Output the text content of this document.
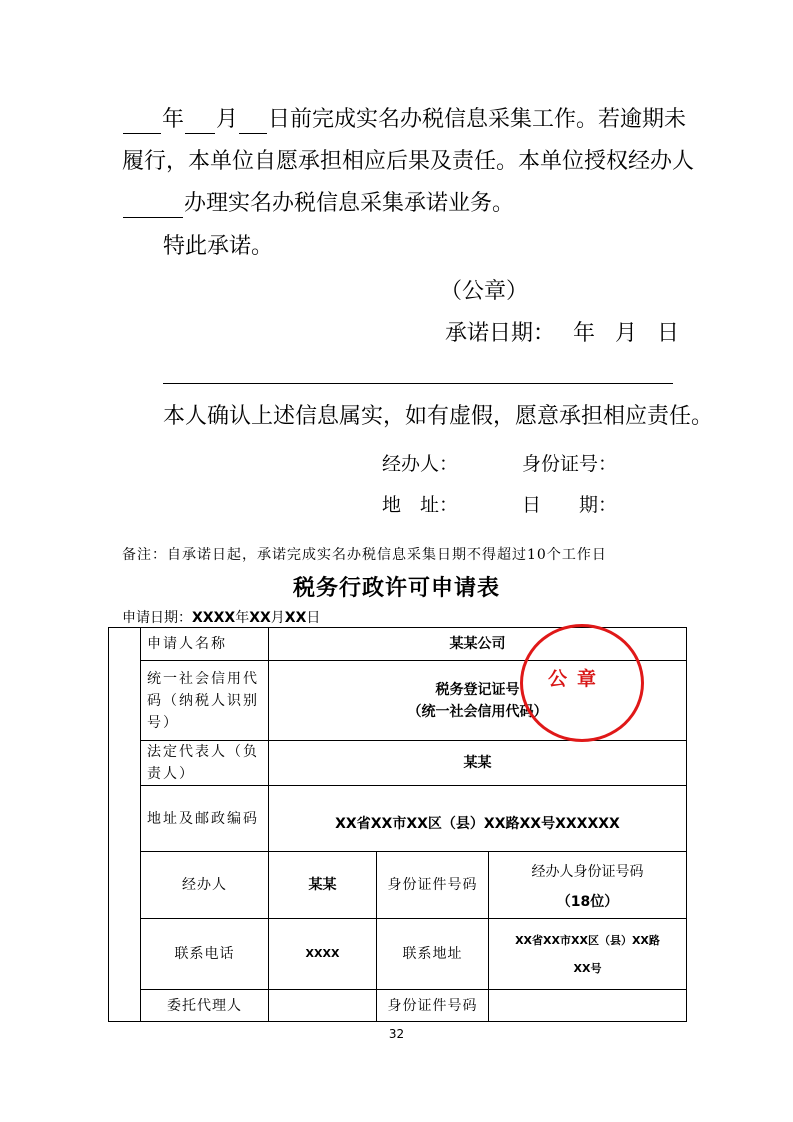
年 月 日前完成实名办税信息采集工作。若逾期未
履行，本单位自愿承担相应后果及责任。本单位授权经办人
办理实名办税信息采集承诺业务。
特此承诺。
（公章）
承诺日期： 年 月 日
本人确认上述信息属实，如有虚假，愿意承担相应责任。
经办人：	身份证号：
地　址：	日　　期：
备注：自承诺日起，承诺完成实名办税信息采集日期不得超过10个工作日
税务行政许可申请表
申请日期：XXXX年XX月XX日
	申请人名称	某某公司		
	统一社会信用代码（纳税人识别号）	税务登记证号
（统一社会信用代码）		

	法定代表人（负责人）	某某		
	地址及邮政编码	XX省XX市XX区（县）XX路XX号XXXXXX		
	经办人	某某	身份证件号码	经办人身份证号码
（18位）

	联系电话	XXXX	联系地址	XX省XX市XX区（县）XX路
XX号

	委托代理人		身份证件号码	
公章
32
